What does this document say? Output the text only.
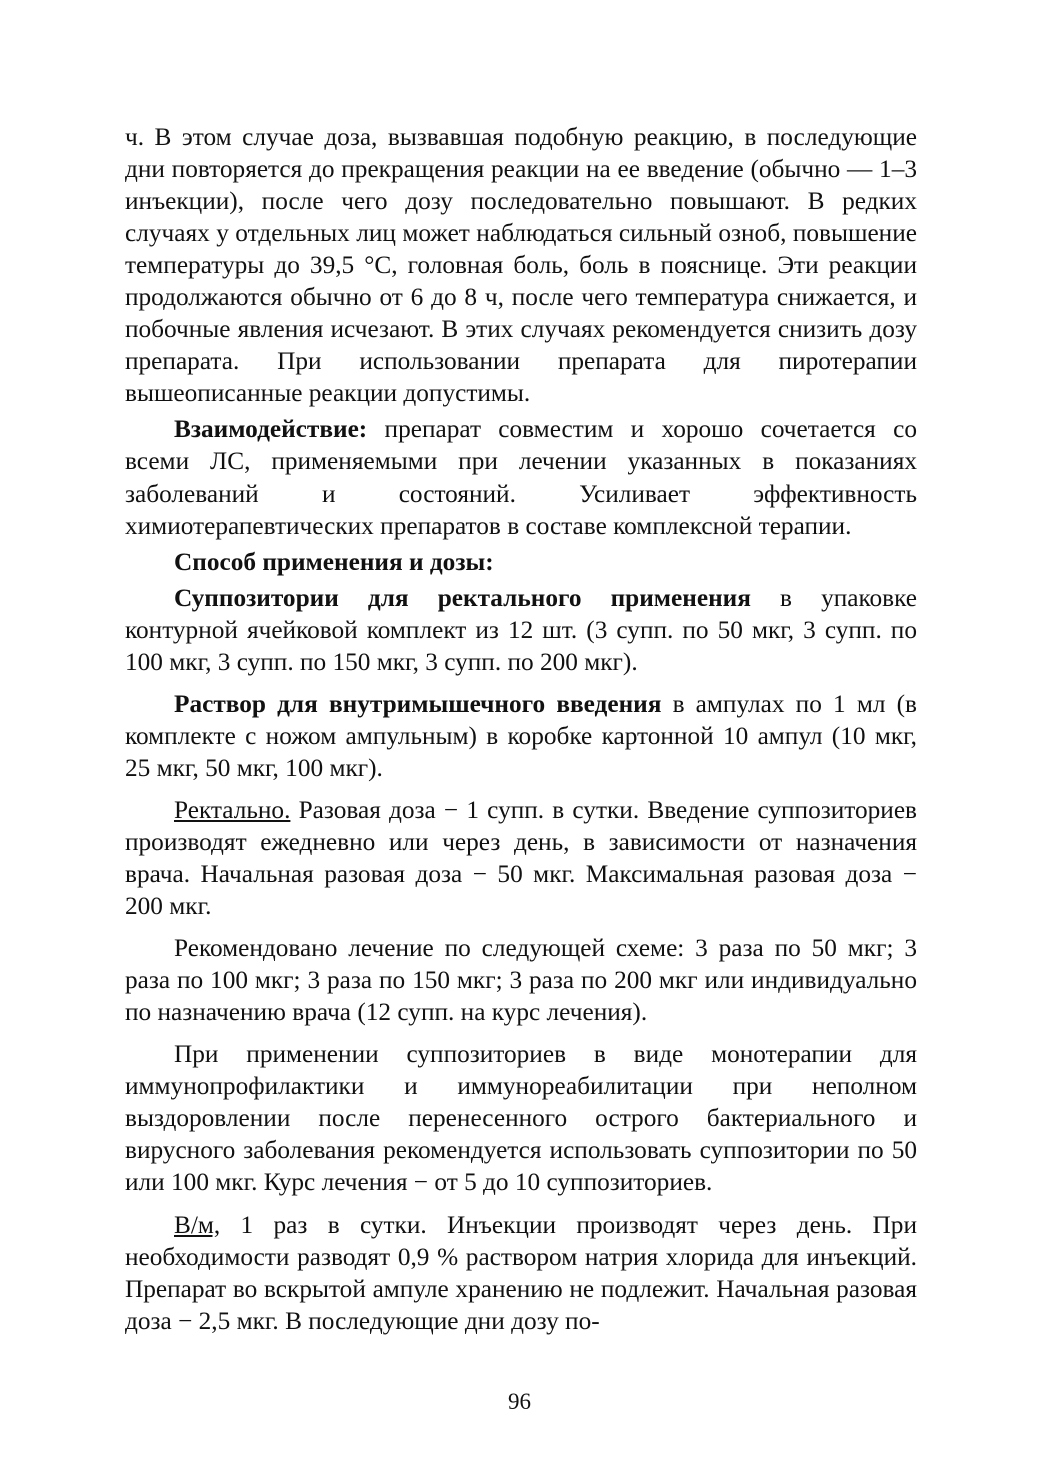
ч. В этом случае доза, вызвавшая подобную реакцию, в последующие дни повторяется до прекращения реакции на ее введение (обычно — 1–3 инъекции), после чего дозу последовательно повышают. В редких случаях у отдельных лиц может наблюдаться сильный озноб, повышение температуры до 39,5 °С, головная боль, боль в пояснице. Эти реакции продолжаются обычно от 6 до 8 ч, после чего температура снижается, и побочные явления исчезают. В этих случаях рекомендуется снизить дозу препарата. При использовании препарата для пиротерапии вышеописанные реакции допустимы.

Взаимодействие: препарат совместим и хорошо сочетается со всеми ЛС, применяемыми при лечении указанных в показаниях заболеваний и состояний. Усиливает эффективность химиотерапевтических препаратов в составе комплексной терапии.

Способ применения и дозы:

Суппозитории для ректального применения в упаковке контурной ячейковой комплект из 12 шт. (3 супп. по 50 мкг, 3 супп. по 100 мкг, 3 супп. по 150 мкг, 3 супп. по 200 мкг).

Раствор для внутримышечного введения в ампулах по 1 мл (в комплекте с ножом ампульным) в коробке картонной 10 ампул (10 мкг, 25 мкг, 50 мкг, 100 мкг).

Ректально. Разовая доза − 1 супп. в сутки. Введение суппозиториев производят ежедневно или через день, в зависимости от назначения врача. Начальная разовая доза − 50 мкг. Максимальная разовая доза − 200 мкг.

Рекомендовано лечение по следующей схеме: 3 раза по 50 мкг; 3 раза по 100 мкг; 3 раза по 150 мкг; 3 раза по 200 мкг или индивидуально по назначению врача (12 супп. на курс лечения).

При применении суппозиториев в виде монотерапии для иммунопрофилактики и иммунореабилитации при неполном выздоровлении после перенесенного острого бактериального и вирусного заболевания рекомендуется использовать суппозитории по 50 или 100 мкг. Курс лечения − от 5 до 10 суппозиториев.

В/м, 1 раз в сутки. Инъекции производят через день. При необходимости разводят 0,9 % раствором натрия хлорида для инъекций. Препарат во вскрытой ампуле хранению не подлежит. Начальная разовая доза − 2,5 мкг. В последующие дни дозу по-

96
